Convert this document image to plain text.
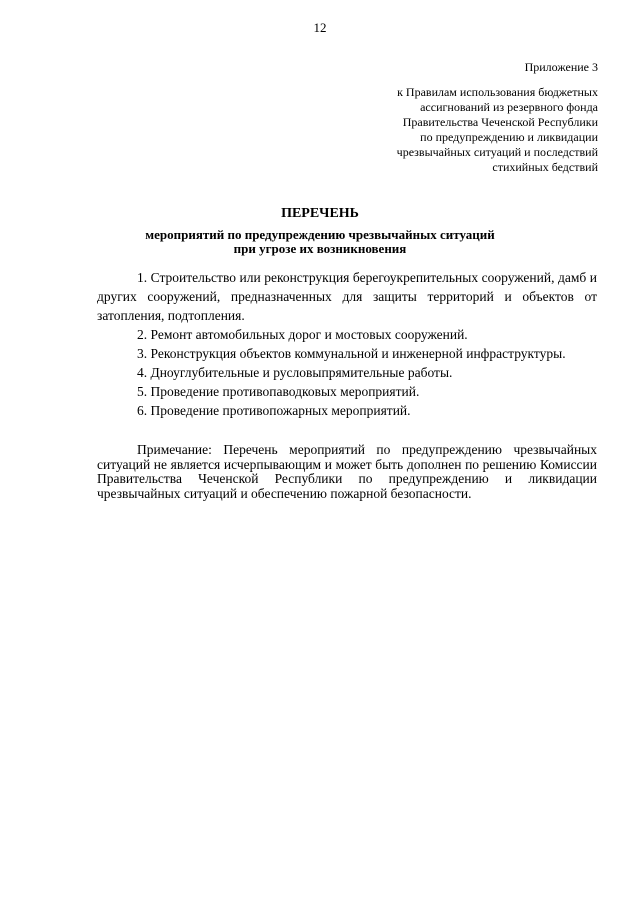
12
Приложение 3
к Правилам использования бюджетных
ассигнований из резервного фонда
Правительства Чеченской Республики
по предупреждению и ликвидации
чрезвычайных ситуаций и последствий
стихийных бедствий
ПЕРЕЧЕНЬ
мероприятий по предупреждению чрезвычайных ситуаций
при угрозе их возникновения
1. Строительство или реконструкция берегоукрепительных сооружений, дамб и других сооружений, предназначенных для защиты территорий и объектов от затопления, подтопления.
2. Ремонт автомобильных дорог и мостовых сооружений.
3. Реконструкция объектов коммунальной и инженерной инфраструктуры.
4. Дноуглубительные и русловыпрямительные работы.
5. Проведение противопаводковых мероприятий.
6. Проведение противопожарных мероприятий.
Примечание: Перечень мероприятий по предупреждению чрезвычайных ситуаций не является исчерпывающим и может быть дополнен по решению Комиссии Правительства Чеченской Республики по предупреждению и ликвидации чрезвычайных ситуаций и обеспечению пожарной безопасности.
